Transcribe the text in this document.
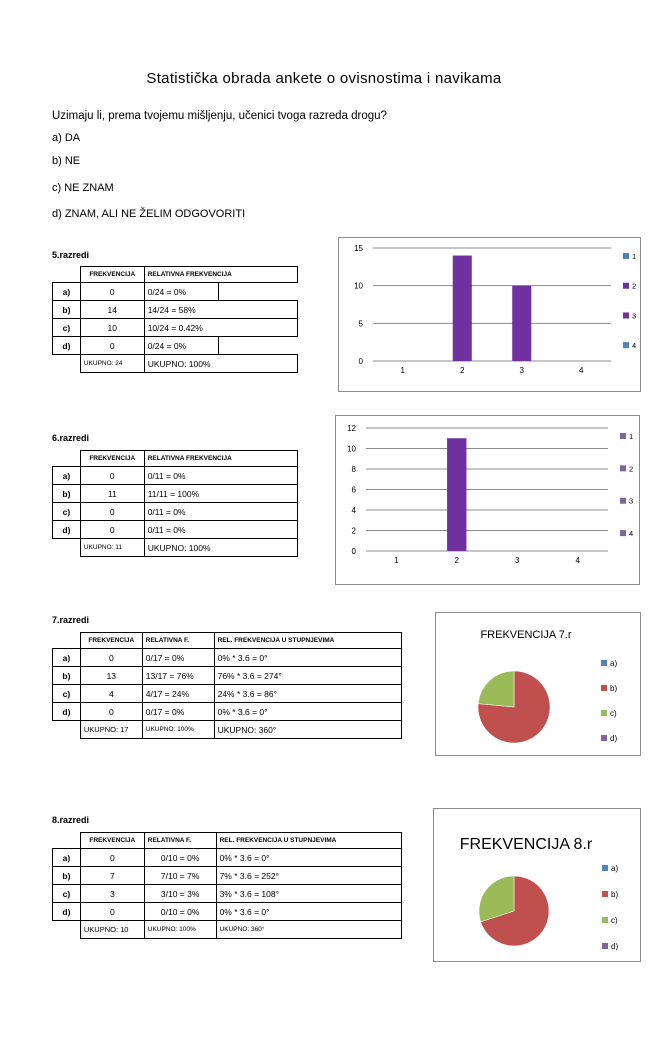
Statistička obrada ankete o ovisnostima i navikama
Uzimaju li, prema tvojemu mišljenju, učenici tvoga razreda drogu?
a) DA
b) NE
c) NE ZNAM
d) ZNAM, ALI NE ŽELIM ODGOVORITI
5.razredi
	FREKVENCIJA	RELATIVNA FREKVENCIJA	
a)	0	0/24 = 0%	
b)	14	14/24 = 58%	
c)	10	10/24 = 0.42%	
d)	0	0/24 = 0%	
	UKUPNO: 24	UKUPNO: 100%		0
5
10
15
1	2	3	4
1
2
3
4
6.razredi
	FREKVENCIJA	RELATIVNA FREKVENCIJA
a)	0	0/11 = 0%
b)	11	11/11 = 100%
c)	0	0/11 = 0%
d)	0	0/11 = 0%
	UKUPNO: 11	UKUPNO: 100%	0
2
4
6
8
10
12
1	2	3	4
1
2
3
4
7.razredi
	FREKVENCIJA	RELATIVNA F.	REL. FREKVENCIJA U STUPNJEVIMA
a)	0	0/17 = 0%	0% * 3.6 = 0°
b)	13	13/17 = 76%	76% * 3.6 = 274°
c)	4	4/17 = 24%	24% * 3.6 = 86°
d)	0	0/17 = 0%	0% * 3.6 = 0°
	UKUPNO: 17	UKUPNO: 100%	UKUPNO: 360°
FREKVENCIJA 7.r
a)
b)
c)
d)
8.razredi
	FREKVENCIJA	RELATIVNA F.	REL. FREKVENCIJA U STUPNJEVIMA
a)	0	0/10 = 0%	0% * 3.6 = 0°
b)	7	7/10 = 7%	7% * 3.6 = 252°
c)	3	3/10 = 3%	3% * 3.6 = 108°
d)	0	0/10 = 0%	0% * 3.6 = 0°
	UKUPNO: 10	UKUPNO: 100%	UKUPNO: 360°
FREKVENCIJA 8.r
a)
b)
c)
d)
